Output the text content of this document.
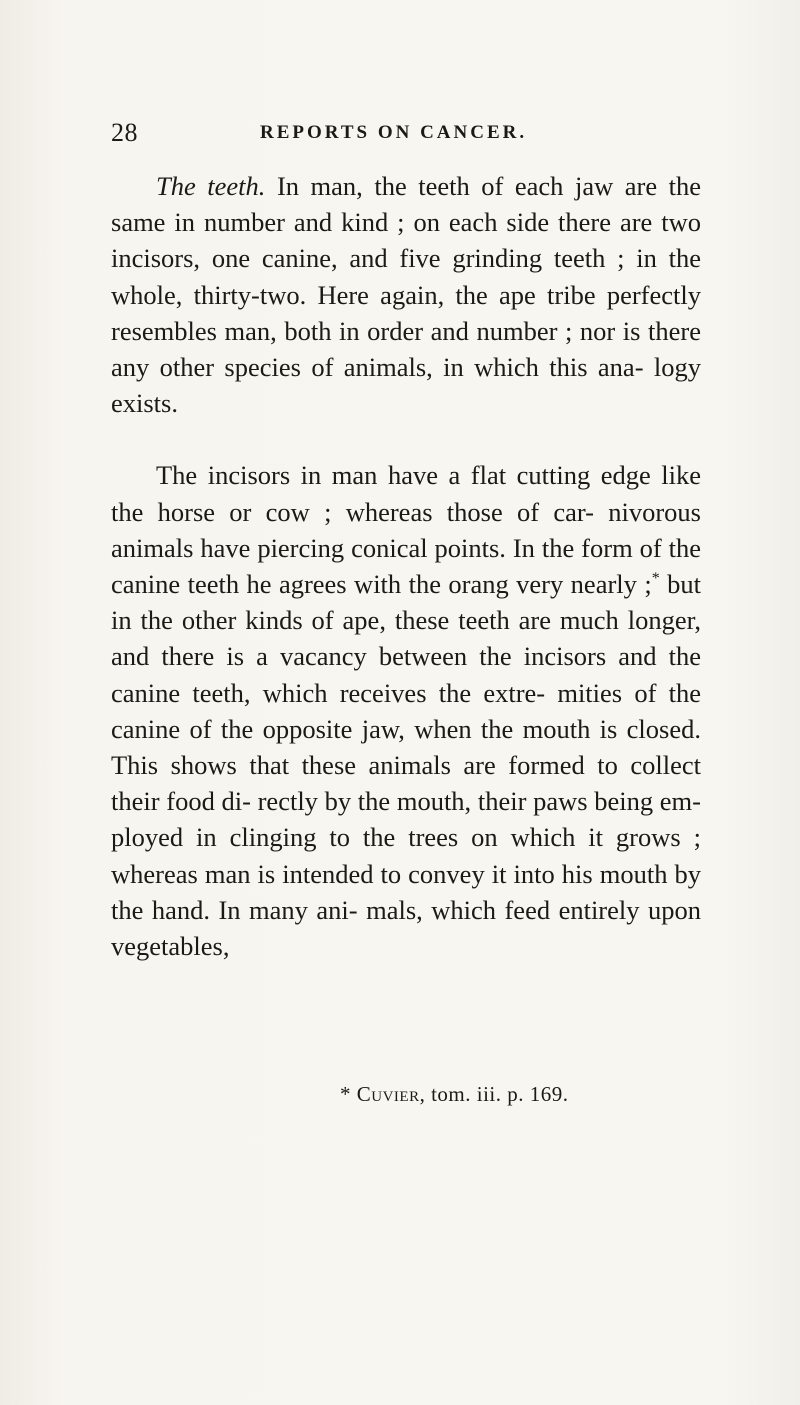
28	REPORTS ON CANCER.

The teeth. In man, the teeth of each jaw are the same in number and kind ; on each side there are two incisors, one canine, and five grinding teeth ; in the whole, thirty-two. Here again, the ape tribe perfectly resembles man, both in order and number ; nor is there any other species of animals, in which this ana- logy exists.

The incisors in man have a flat cutting edge like the horse or cow ; whereas those of car- nivorous animals have piercing conical points. In the form of the canine teeth he agrees with the orang very nearly ;* but in the other kinds of ape, these teeth are much longer, and there is a vacancy between the incisors and the canine teeth, which receives the extre- mities of the canine of the opposite jaw, when the mouth is closed. This shows that these animals are formed to collect their food di- rectly by the mouth, their paws being em- ployed in clinging to the trees on which it grows ; whereas man is intended to convey it into his mouth by the hand. In many ani- mals, which feed entirely upon vegetables,

* Cuvier, tom. iii. p. 169.
